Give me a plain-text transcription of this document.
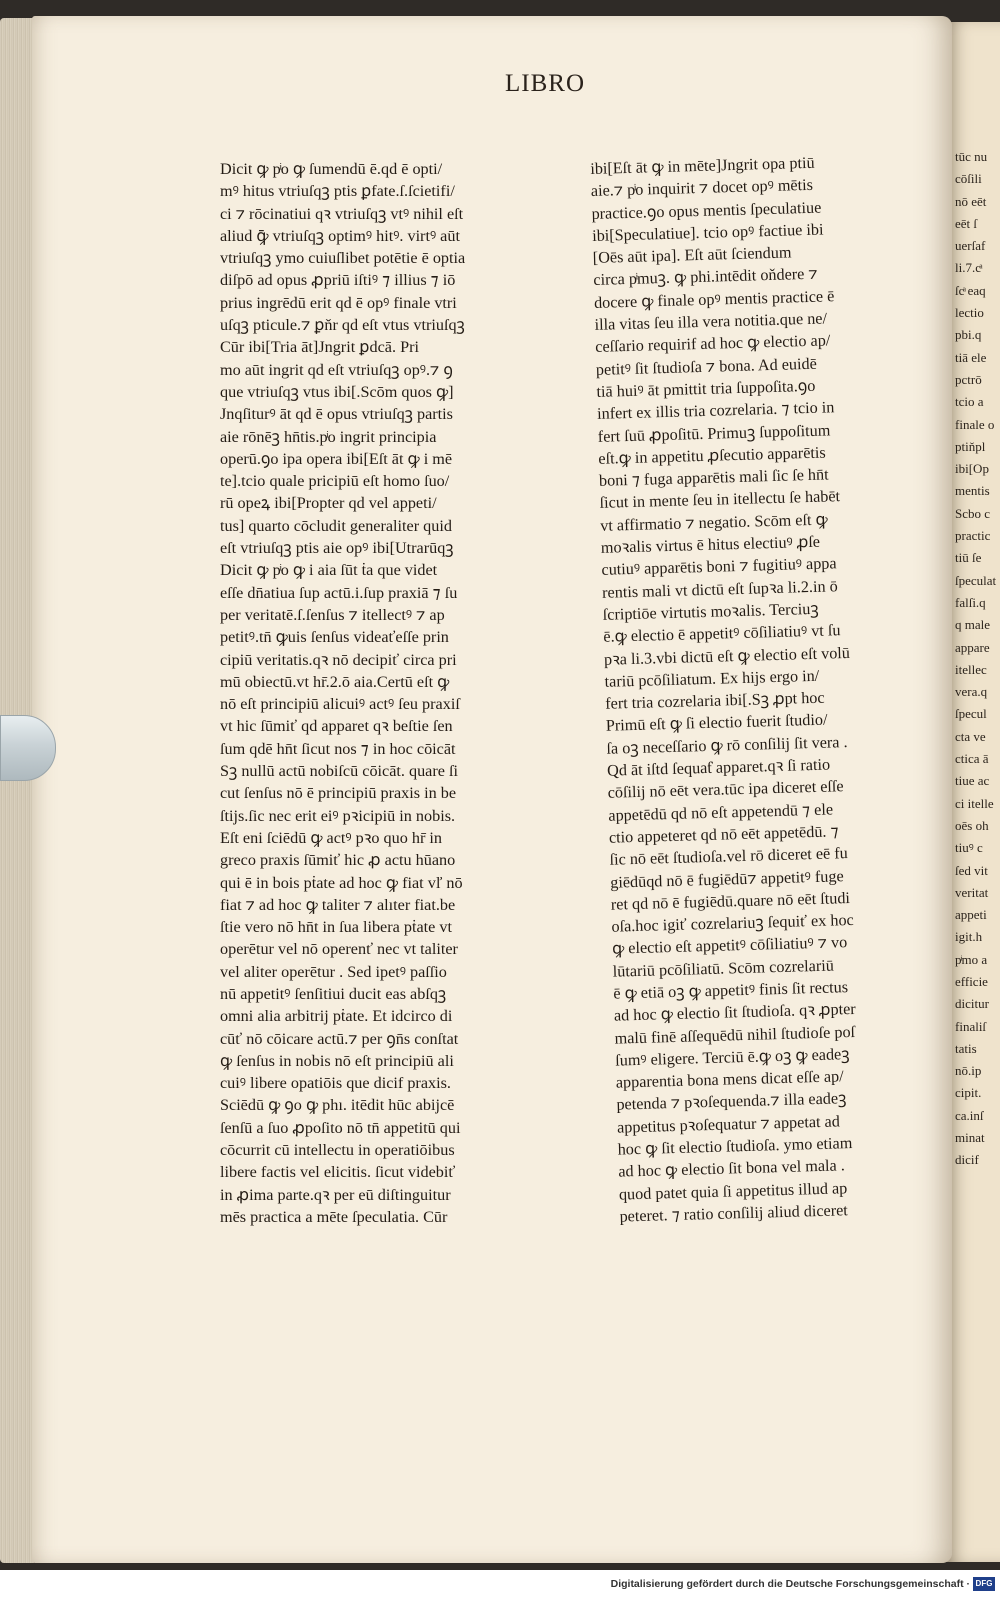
LIBRO
Dicit ꝙ pͥo ꝙ ſumendū ē.qd ē opti/
mꝰ hitus vtriuſqꝫ ptis ꝑfate.ſ.ſcietifi/
ci ⁊ rōcinatiui qꝛ vtriuſqꝫ vtꝰ nihil eſt
aliud ꝙ̄ vtriuſqꝫ optimꝰ hitꝰ. virtꝰ aūt
vtriuſqꝫ ymo cuiuſlibet potētie ē optia
diſpō ad opus ꝓpriū iſtiꝰ ⁊ illius ⁊ iō
prius ingrēdū erit qd ē opꝰ finale vtri
uſqꝫ pticule.⁊ ꝑňr qd eſt vtus vtriuſqꝫ
Cūr ibi[Tria āt]Jngrit ꝑdcā. Pri
mo aūt ingrit qd eſt vtriuſqꝫ opꝰ.⁊ ꝯ
que vtriuſqꝫ vtus ibi[.Scōm quos ꝙ]
Jnqſiturꝰ āt qd ē opus vtriuſqꝫ partis
aie rōnēꝫ hn̄tis.pͥo ingrit principia
operū.ꝯo ipa opera ibi[Eſt āt ꝙ i mē
te].tcio quale pricipiū eſt homo ſuo/
rū opeꝝ ibi[Propter qd vel appeti/
tus] quarto cōcludit generaliter quid
eſt vtriuſqꝫ ptis aie opꝰ ibi[Utrarūqꝫ
Dicit ꝙ pͥo ꝙ i aia ſūt ṫa que videt
eſſe dn̄atiua ſup actū.i.ſup praxiā ⁊ ſu
per veritatē.ſ.ſenſus ⁊ itellectꝰ ⁊ ap
petitꝰ.tn̄ ꝙuis ſenſus videaťeſſe prin
cipiū veritatis.qꝛ nō decipiť circa pri
mū obiectū.vt hr̄.2.ō aia.Certū eſt ꝙ
nō eſt principiū alicuiꝰ actꝰ ſeu praxiſ
vt hic ſūmiť qd apparet qꝛ beſtie ſen
ſum qdē hn̄t ſicut nos ⁊ in hoc cōicāt
Sꝫ nullū actū nobiſcū cōicāt. quare ſi
cut ſenſus nō ē principiū praxis in be
ſtijs.ſic nec erit eiꝰ pꝛicipiū in nobis.
Eſt eni ſciēdū ꝙ actꝰ pꝛo quo hr̄ in
greco praxis ſūmiť hic ꝓ actu hūano
qui ē in bois pṫate ad hoc ꝙ fiat vľ nō
fiat ⁊ ad hoc ꝙ taliter ⁊ alıter fiat.be
ſtie vero nō hn̄t in ſua libera pṫate vt
operētur vel nō operenť nec vt taliter
vel aliter operētur . Sed ipetꝰ paſſio
nū appetitꝰ ſenſitiui ducit eas abſqꝫ
omni alia arbitrij pṫate. Et idcirco di
cūť nō cōicare actū.⁊ per ꝯn̄s conſtat
ꝙ ſenſus in nobis nō eſt principiū ali
cuiꝰ libere opatiōis que dicif praxis.
Sciēdū ꝙ ꝯo ꝙ phı. itēdit hūc abijcē
ſenſū a ſuo ꝓpoſito nō tn̄ appetitū qui
cōcurrit cū intellectu in operatiōibus
libere factis vel elicitis. ſicut videbiť
in ꝓima parte.qꝛ per eū diſtinguitur
mēs practica a mēte ſpeculatia. Cūr
ibi[Eſt āt ꝙ in mēte]Jngrit opa ptiū
aie.⁊ pͥo inquirit ⁊ docet opꝰ mētis
practice.ꝯo opus mentis ſpeculatiue
ibi[Speculatiue]. tcio opꝰ factiue ibi
[Oēs aūt ipa]. Eſt aūt ſciendum
circa pͥmuꝫ. ꝙ phi.intēdit oňdere ⁊
docere ꝙ finale opꝰ mentis practice ē
illa vitas ſeu illa vera notitia.que ne/
ceſſario requirif ad hoc ꝙ electio ap/
petitꝰ ſit ſtudioſa ⁊ bona. Ad euidē
tiā huiꝰ āt pmittit tria ſuppoſita.ꝯo
infert ex illis tria cozrelaria. ⁊ tcio in
fert ſuū ꝓpoſitū. Primuꝫ ſuppoſitum
eſt.ꝙ in appetitu ꝓſecutio apparētis
boni ⁊ fuga apparētis mali ſic ſe hn̄t
ſicut in mente ſeu in itellectu ſe habēt
vt affirmatio ⁊ negatio. Scōm eſt ꝙ
moꝛalis virtus ē hitus electiuꝰ ꝓſe
cutiuꝰ apparētis boni ⁊ fugitiuꝰ appa
rentis mali vt dictū eſt ſupꝛa li.2.in ō
ſcriptiōe virtutis moꝛalis. Terciuꝫ
ē.ꝙ electio ē appetitꝰ cōſiliatiuꝰ vt ſu
pꝛa li.3.vbi dictū eſt ꝙ electio eſt volū
tariū pcōſiliatum. Ex hijs ergo in/
fert tria cozrelaria ibi[.Sꝫ ꝓpt hoc
Primū eſt ꝙ ſi electio fuerit ſtudio/
ſa oꝫ neceſſario ꝙ rō conſilij ſit vera .
Qd āt iſtd ſequaƭ apparet.qꝛ ſi ratio
cōſilij nō eēt vera.tūc ipa diceret eſſe
appetēdū qd nō eſt appetendū ⁊ ele
ctio appeteret qd nō eēt appetēdū. ⁊
ſic nō eēt ſtudioſa.vel rō diceret eē fu
giēdūqd nō ē fugiēdū⁊ appetitꝰ fuge
ret qd nō ē fugiēdū.quare nō eēt ſtudi
oſa.hoc igiť cozrelariuꝫ ſequiť ex hoc
ꝙ electio eſt appetitꝰ cōſiliatiuꝰ ⁊ vo
lūtariū pcōſiliatū. Scōm cozrelariū
ē ꝙ etiā oꝫ ꝙ appetitꝰ finis ſit rectus
ad hoc ꝙ electio ſit ſtudioſa. qꝛ ꝓpter
malū finē aſſequēdū nihil ſtudioſe poſ
ſumꝰ eligere. Terciū ē.ꝙ oꝫ ꝙ eadeꝫ
apparentia bona mens dicat eſſe ap/
petenda ⁊ pꝛoſequenda.⁊ illa eadeꝫ
appetitus pꝛoſequatur ⁊ appetat ad
hoc ꝙ ſit electio ſtudioſa. ymo etiam
ad hoc ꝙ electio ſit bona vel mala .
quod patet quia ſi appetitus illud ap
peteret. ⁊ ratio conſilij aliud diceret
tūc nu
cōſili
nō eēt
eēt ſ
uerſaf
li.7.cͣ
ſcͣ eaq
lectio
pbi.q
tiā ele
pctrō
tcio a
finale o
ptiňpl
ibi[Op
mentis
Scbo c
practic
tiū ſe
ſpeculat
falſi.q
q male
appare
itellec
vera.q
ſpecul
cta ve
ctica ā
tiue ac
ci itelle
oēs oh
tiuꝰ c
ſed vit
veritat
appeti
igit.h
pͥmo a
efficie
dicitur
finaliſ
tatis
nō.ip
cipit.
ca.inſ
minat
dicif
Digitalisierung gefördert durch die Deutsche Forschungsgemeinschaft · DFG
